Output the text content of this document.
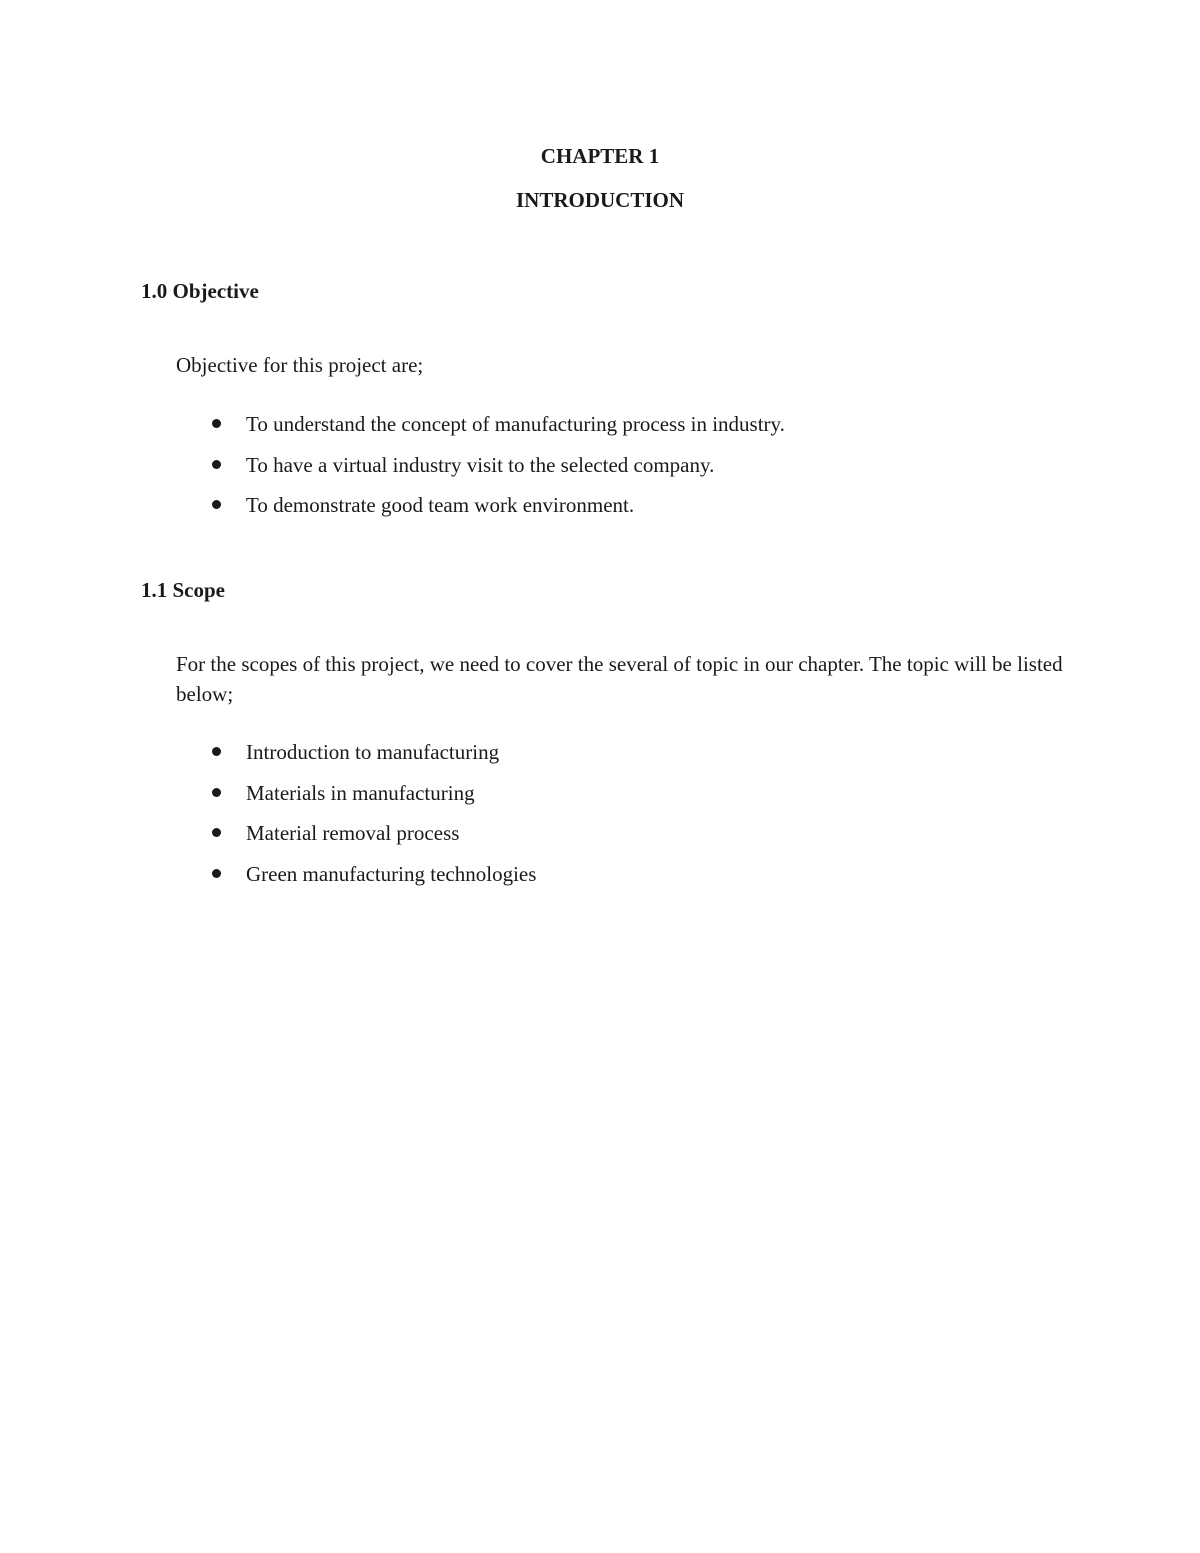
CHAPTER 1
INTRODUCTION
1.0 Objective
Objective for this project are;
To understand the concept of manufacturing process in industry.
To have a virtual industry visit to the selected company.
To demonstrate good team work environment.
1.1 Scope
For the scopes of this project, we need to cover the several of topic in our chapter. The topic will be listed below;
Introduction to manufacturing
Materials in manufacturing
Material removal process
Green manufacturing technologies
